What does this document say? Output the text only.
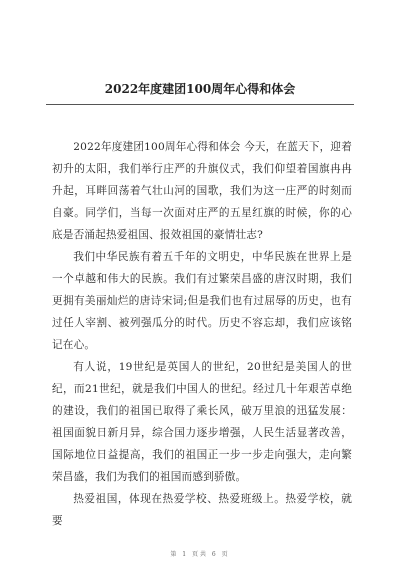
2022年度建团100周年心得和体会

2022年度建团100周年心得和体会 今天，在蓝天下，迎着初升的太阳，我们举行庄严的升旗仪式，我们仰望着国旗冉冉升起，耳畔回荡着气壮山河的国歌，我们为这一庄严的时刻而自豪。同学们，当每一次面对庄严的五星红旗的时候，你的心底是否涌起热爱祖国、报效祖国的豪情壮志?

我们中华民族有着五千年的文明史，中华民族在世界上是一个卓越和伟大的民族。我们有过繁荣昌盛的唐汉时期，我们更拥有美丽灿烂的唐诗宋词;但是我们也有过屈辱的历史，也有过任人宰割、被列强瓜分的时代。历史不容忘却，我们应该铭记在心。

有人说，19世纪是英国人的世纪，20世纪是美国人的世纪，而21世纪，就是我们中国人的世纪。经过几十年艰苦卓绝的建设，我们的祖国已取得了乘长风，破万里浪的迅猛发展：祖国面貌日新月异，综合国力逐步增强，人民生活显著改善，国际地位日益提高，我们的祖国正一步一步走向强大，走向繁荣昌盛，我们为我们的祖国而感到骄傲。

热爱祖国，体现在热爱学校、热爱班级上。热爱学校，就要

第 1 页共 6 页
